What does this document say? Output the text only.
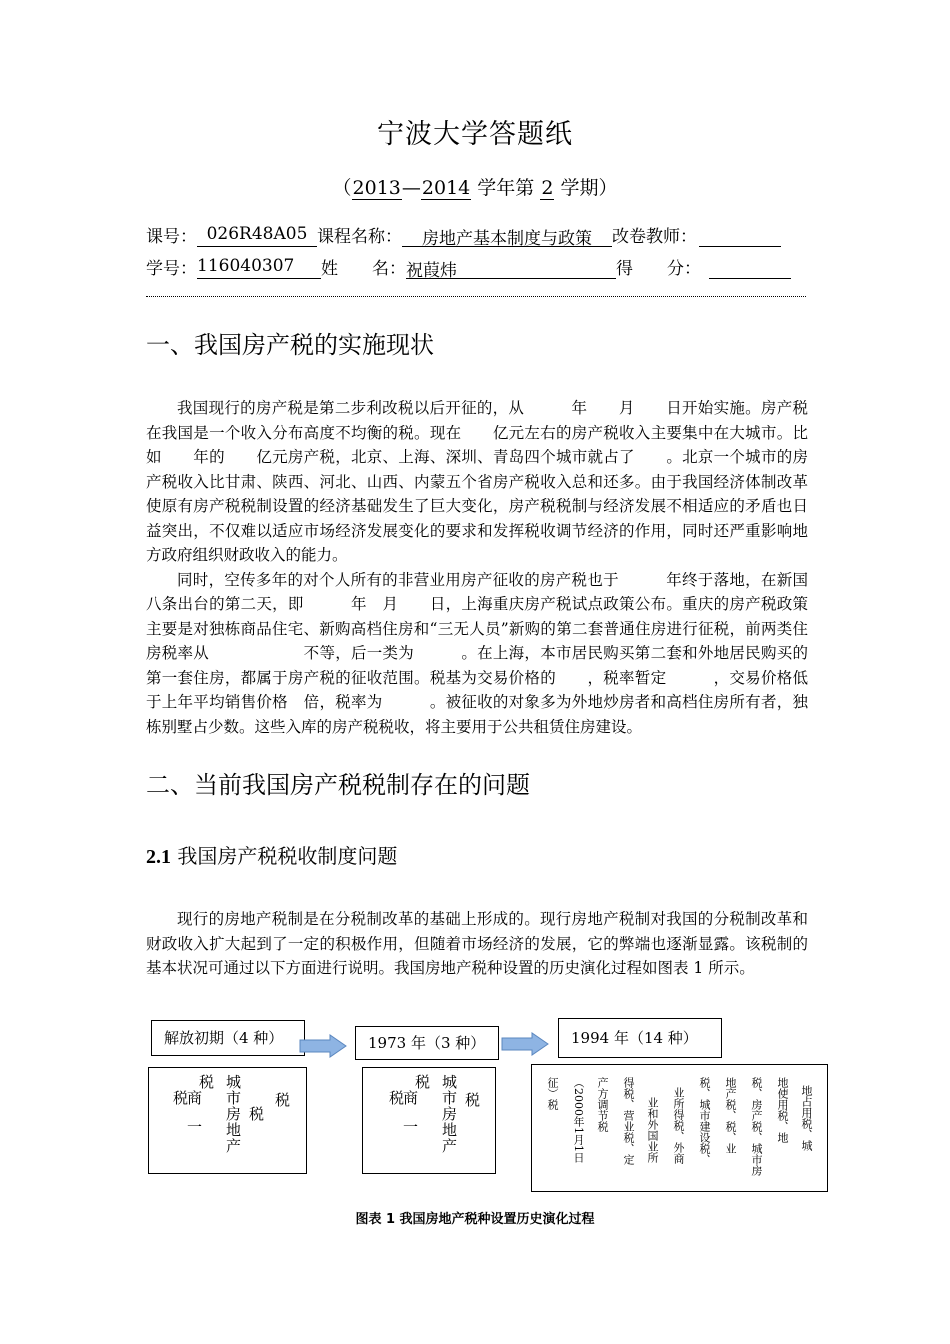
宁波大学答题纸
（2013—2014 学年第 2 学期）
课号： 026R48A05 课程名称： 房地产基本制度与政策 改卷教师：
学号：116040307 姓　　名：祝葭炜	得　　分：
一、我国房产税的实施现状

我国现行的房产税是第二步利改税以后开征的，从　　　年　　月　　日开始实施。房产税在我国是一个收入分布高度不均衡的税。现在　　亿元左右的房产税收入主要集中在大城市。比如　　年的　　亿元房产税，北京、上海、深圳、青岛四个城市就占了　　。北京一个城市的房产税收入比甘肃、陕西、河北、山西、内蒙五个省房产税收入总和还多。由于我国经济体制改革使原有房产税税制设置的经济基础发生了巨大变化，房产税税制与经济发展不相适应的矛盾也日益突出，不仅难以适应市场经济发展变化的要求和发挥税收调节经济的作用，同时还严重影响地方政府组织财政收入的能力。

同时，空传多年的对个人所有的非营业用房产征收的房产税也于　　　年终于落地，在新国八条出台的第二天，即　　　年　月　　日，上海重庆房产税试点政策公布。重庆的房产税政策主要是对独栋商品住宅、新购高档住房和“三无人员”新购的第二套普通住房进行征税，前两类住房税率从　　　　　　不等，后一类为　　　。在上海，本市居民购买第二套和外地居民购买的第一套住房，都属于房产税的征收范围。税基为交易价格的　　，税率暂定　　　，交易价格低于上年平均销售价格　倍，税率为　　　。被征收的对象多为外地炒房者和高档住房所有者，独栋别墅占少数。这些入库的房产税税收，将主要用于公共租赁住房建设。

二、当前我国房产税税制存在的问题
2.1 我国房产税税收制度问题

现行的房地产税制是在分税制改革的基础上形成的。现行房地产税制对我国的分税制改革和财政收入扩大起到了一定的积极作用，但随着市场经济的发展，它的弊端也逐渐显露。该税制的基本状况可通过以下方面进行说明。我国房地产税种设置的历史演化过程如图表 1 所示。

解放初期（4 种）	1973 年（3 种）	1994 年（14 种）
商一税
税 城市房地产 税
税	商一税
税 城市房地产 税	征）税 （2000年1月1日 产方调节税 得税、营业税、定 业和外国业所 业所得税、外商 税、城市建设税、 地产税、税、业 税、房产税、城市房 地使用税、地 地占用税、城
图表 1 我国房地产税种设置历史演化过程
